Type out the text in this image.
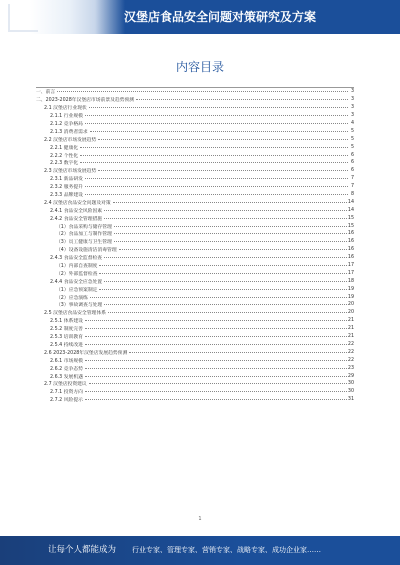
汉堡店食品安全问题对策研究及方案
内容目录
一、前言	3
二、2023-2028年汉堡店市场前景及趋势预测	3
2.1 汉堡店行业现状	3
2.1.1 行业规模	3
2.1.2 竞争格局	4
2.1.3 消费者需求	5
2.2 汉堡店市场发展趋势	5
2.2.1 健康化	5
2.2.2 个性化	6
2.2.3 数字化	6
2.3 汉堡店市场发展趋势	6
2.3.1 新品研发	7
2.3.2 服务提升	7
2.3.3 品牌建设	8
2.4 汉堡店食品安全问题及对策	14
2.4.1 食品安全风险因素	14
2.4.2 食品安全管理措施	15
（1）食品采购与储存管理	15
（2）食品加工与制作管理	16
（3）员工健康与卫生管理	16
（4）设备设施清洁消毒管理	16
2.4.3 食品安全监督检查	16
（1）内部自查制度	17
（2）外部监督检查	17
2.4.4 食品安全应急处置	18
（1）应急预案制定	19
（2）应急演练	19
（3）事故调查与处理	20
2.5 汉堡店食品安全管理体系	20
2.5.1 体系建设	21
2.5.2 制度完善	21
2.5.3 培训教育	21
2.5.4 持续改进	22
2.6 2023-2028年汉堡店发展趋势预测	22
2.6.1 市场规模	22
2.6.2 竞争态势	23
2.6.3 发展机遇	29
2.7 汉堡店投资建议	30
2.7.1 投资方向	30
2.7.2 风险提示	31
1
让每个人都能成为 行业专家、管理专家、营销专家、战略专家、成功企业家……
